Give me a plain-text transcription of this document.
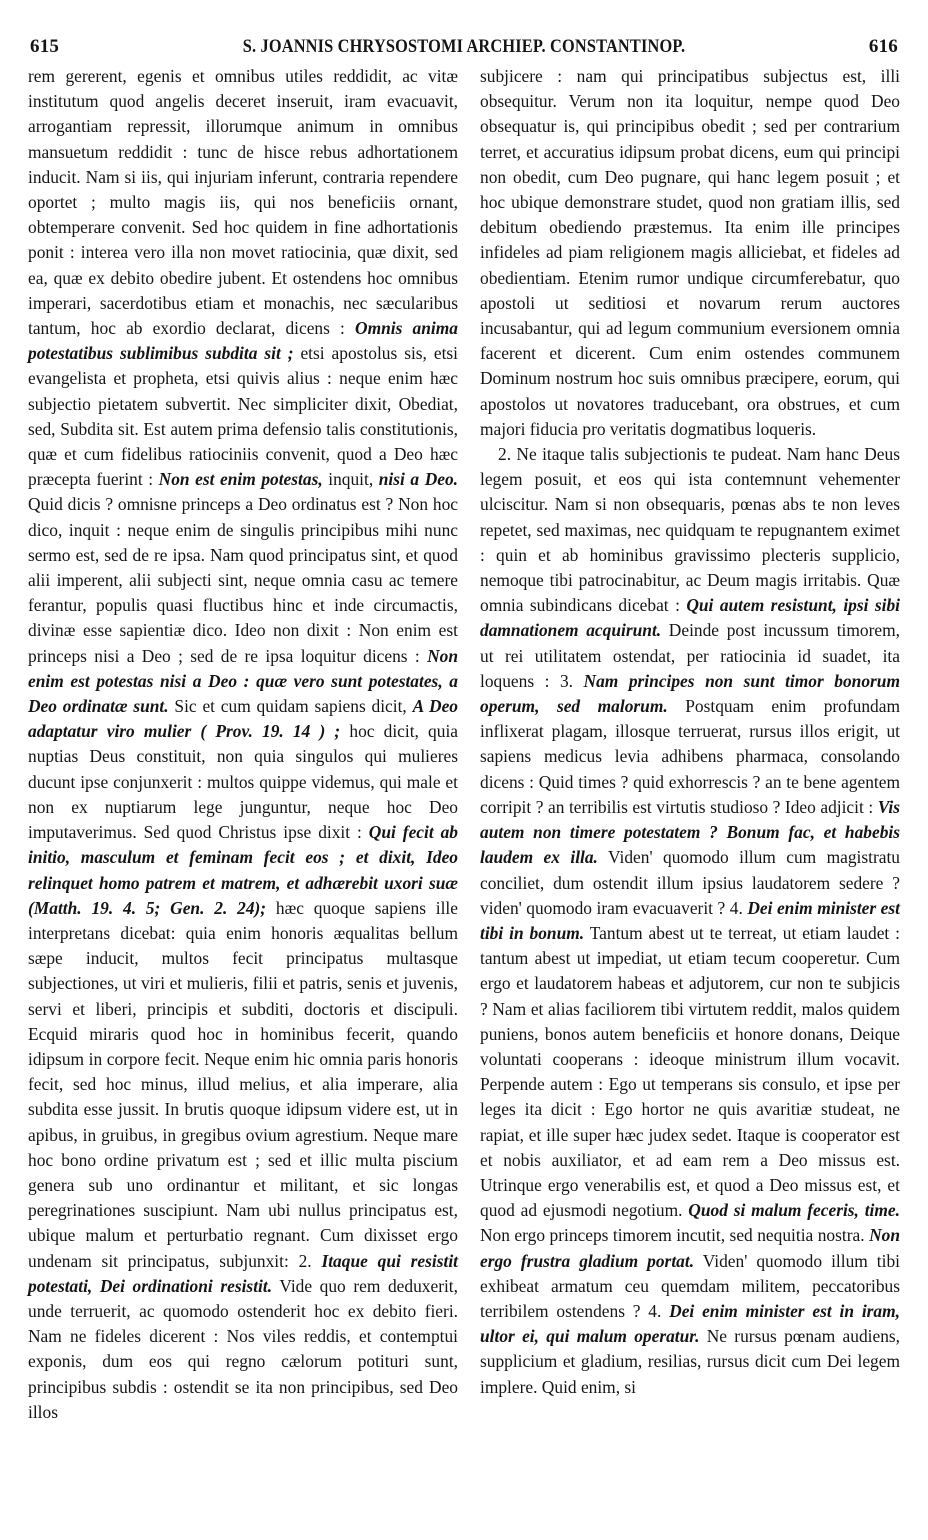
615	S. JOANNIS CHRYSOSTOMI ARCHIEP. CONSTANTINOP.	616

rem gererent, egenis et omnibus utiles reddidit, ac vitæ institutum quod angelis deceret inseruit, iram evacuavit, arrogantiam repressit, illorumque animum in omnibus mansuetum reddidit : tunc de hisce rebus adhortationem inducit. Nam si iis, qui injuriam inferunt, contraria rependere oportet ; multo magis iis, qui nos beneficiis ornant, obtemperare convenit. Sed hoc quidem in fine adhortationis ponit : interea vero illa non movet ratiocinia, quæ dixit, sed ea, quæ ex debito obedire jubent. Et ostendens hoc omnibus imperari, sacerdotibus etiam et monachis, nec sæcularibus tantum, hoc ab exordio declarat, dicens : Omnis anima potestatibus sublimibus subdita sit ; etsi apostolus sis, etsi evangelista et propheta, etsi quivis alius : neque enim hæc subjectio pietatem subvertit. Nec simpliciter dixit, Obediat, sed, Subdita sit. Est autem prima defensio talis constitutionis, quæ et cum fidelibus ratiociniis convenit, quod a Deo hæc præcepta fuerint : Non est enim potestas, inquit, nisi a Deo. Quid dicis ? omnisne princeps a Deo ordinatus est ? Non hoc dico, inquit : neque enim de singulis principibus mihi nunc sermo est, sed de re ipsa. Nam quod principatus sint, et quod alii imperent, alii subjecti sint, neque omnia casu ac temere ferantur, populis quasi fluctibus hinc et inde circumactis, divinæ esse sapientiæ dico. Ideo non dixit : Non enim est princeps nisi a Deo ; sed de re ipsa loquitur dicens : Non enim est potestas nisi a Deo : quæ vero sunt potestates, a Deo ordinatæ sunt. Sic et cum quidam sapiens dicit, A Deo adaptatur viro mulier ( Prov. 19. 14 ) ; hoc dicit, quia nuptias Deus constituit, non quia singulos qui mulieres ducunt ipse conjunxerit : multos quippe videmus, qui male et non ex nuptiarum lege junguntur, neque hoc Deo imputaverimus. Sed quod Christus ipse dixit : Qui fecit ab initio, masculum et feminam fecit eos ; et dixit, Ideo relinquet homo patrem et matrem, et adhærebit uxori suæ (Matth. 19. 4. 5; Gen. 2. 24); hæc quoque sapiens ille interpretans dicebat: quia enim honoris æqualitas bellum sæpe inducit, multos fecit principatus multasque subjectiones, ut viri et mulieris, filii et patris, senis et juvenis, servi et liberi, principis et subditi, doctoris et discipuli. Ecquid miraris quod hoc in hominibus fecerit, quando idipsum in corpore fecit. Neque enim hic omnia paris honoris fecit, sed hoc minus, illud melius, et alia imperare, alia subdita esse jussit. In brutis quoque idipsum videre est, ut in apibus, in gruibus, in gregibus ovium agrestium. Neque mare hoc bono ordine privatum est ; sed et illic multa piscium genera sub uno ordinantur et militant, et sic longas peregrinationes suscipiunt. Nam ubi nullus principatus est, ubique malum et perturbatio regnant. Cum dixisset ergo undenam sit principatus, subjunxit: 2. Itaque qui resistit potestati, Dei ordinationi resistit. Vide quo rem deduxerit, unde terruerit, ac quomodo ostenderit hoc ex debito fieri. Nam ne fideles dicerent : Nos viles reddis, et contemptui exponis, dum eos qui regno cælorum potituri sunt, principibus subdis : ostendit se ita non principibus, sed Deo illos

subjicere : nam qui principatibus subjectus est, illi obsequitur. Verum non ita loquitur, nempe quod Deo obsequatur is, qui principibus obedit ; sed per contrarium terret, et accuratius idipsum probat dicens, eum qui principi non obedit, cum Deo pugnare, qui hanc legem posuit ; et hoc ubique demonstrare studet, quod non gratiam illis, sed debitum obediendo præstemus. Ita enim ille principes infideles ad piam religionem magis alliciebat, et fideles ad obedientiam. Etenim rumor undique circumferebatur, quo apostoli ut seditiosi et novarum rerum auctores incusabantur, qui ad legum communium eversionem omnia facerent et dicerent. Cum enim ostendes communem Dominum nostrum hoc suis omnibus præcipere, eorum, qui apostolos ut novatores traducebant, ora obstrues, et cum majori fiducia pro veritatis dogmatibus loqueris.

2. Ne itaque talis subjectionis te pudeat. Nam hanc Deus legem posuit, et eos qui ista contemnunt vehementer ulciscitur. Nam si non obsequaris, pœnas abs te non leves repetet, sed maximas, nec quidquam te repugnantem eximet : quin et ab hominibus gravissimo plecteris supplicio, nemoque tibi patrocinabitur, ac Deum magis irritabis. Quæ omnia subindicans dicebat : Qui autem resistunt, ipsi sibi damnationem acquirunt. Deinde post incussum timorem, ut rei utilitatem ostendat, per ratiocinia id suadet, ita loquens : 3. Nam principes non sunt timor bonorum operum, sed malorum. Postquam enim profundam inflixerat plagam, illosque terruerat, rursus illos erigit, ut sapiens medicus levia adhibens pharmaca, consolando dicens : Quid times ? quid exhorrescis ? an te bene agentem corripit ? an terribilis est virtutis studioso ? Ideo adjicit : Vis autem non timere potestatem ? Bonum fac, et habebis laudem ex illa. Viden' quomodo illum cum magistratu conciliet, dum ostendit illum ipsius laudatorem sedere ? viden' quomodo iram evacuaverit ? 4. Dei enim minister est tibi in bonum. Tantum abest ut te terreat, ut etiam laudet : tantum abest ut impediat, ut etiam tecum cooperetur. Cum ergo et laudatorem habeas et adjutorem, cur non te subjicis ? Nam et alias faciliorem tibi virtutem reddit, malos quidem puniens, bonos autem beneficiis et honore donans, Deique voluntati cooperans : ideoque ministrum illum vocavit. Perpende autem : Ego ut temperans sis consulo, et ipse per leges ita dicit : Ego hortor ne quis avaritiæ studeat, ne rapiat, et ille super hæc judex sedet. Itaque is cooperator est et nobis auxiliator, et ad eam rem a Deo missus est. Utrinque ergo venerabilis est, et quod a Deo missus est, et quod ad ejusmodi negotium. Quod si malum feceris, time. Non ergo princeps timorem incutit, sed nequitia nostra. Non ergo frustra gladium portat. Viden' quomodo illum tibi exhibeat armatum ceu quemdam militem, peccatoribus terribilem ostendens ? 4. Dei enim minister est in iram, ultor ei, qui malum operatur. Ne rursus pœnam audiens, supplicium et gladium, resilias, rursus dicit cum Dei legem implere. Quid enim, si
